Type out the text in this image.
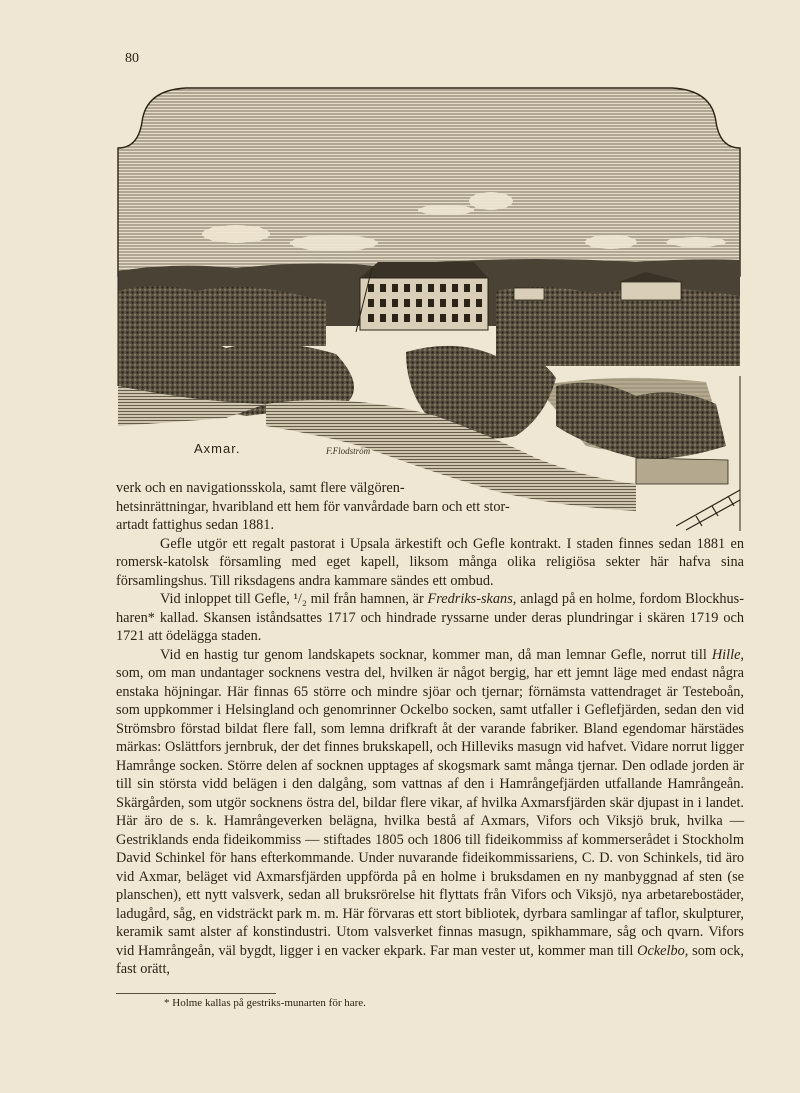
80
Axmar.	F.Flodström
verk och en navigationsskola, samt flere välgören-
hetsinrättningar, hvaribland ett hem för vanvårdade barn och ett stor-
artadt fattighus sedan 1881.
Gefle utgör ett regalt pastorat i Upsala ärkestift och Gefle kontrakt. I staden finnes sedan 1881 en romersk-katolsk församling med eget kapell, liksom många olika religiösa sekter här hafva sina församlingshus. Till riksdagens andra kammare sändes ett ombud.
Vid inloppet till Gefle, ¹/₂ mil från hamnen, är Fredriks-skans, anlagd på en holme, fordom Blockhus-haren* kallad. Skansen iståndsattes 1717 och hindrade ryssarne under deras plundringar i skären 1719 och 1721 att ödelägga staden.
Vid en hastig tur genom landskapets socknar, kommer man, då man lemnar Gefle, norrut till Hille, som, om man undantager socknens vestra del, hvilken är något bergig, har ett jemnt läge med endast några enstaka höjningar. Här finnas 65 större och mindre sjöar och tjernar; förnämsta vattendraget är Testeboån, som uppkommer i Helsingland och genomrinner Ockelbo socken, samt utfaller i Geflefjärden, sedan den vid Strömsbro förstad bildat flere fall, som lemna drifkraft åt der varande fabriker. Bland egendomar härstädes märkas: Oslättfors jernbruk, der det finnes brukskapell, och Hilleviks masugn vid hafvet. Vidare norrut ligger Hamrånge socken. Större delen af socknen upptages af skogsmark samt många tjernar. Den odlade jorden är till sin största vidd belägen i den dalgång, som vattnas af den i Hamrångefjärden utfallande Hamrångeån. Skärgården, som utgör socknens östra del, bildar flere vikar, af hvilka Axmarsfjärden skär djupast in i landet. Här äro de s. k. Hamrångeverken belägna, hvilka bestå af Axmars, Vifors och Viksjö bruk, hvilka — Gestriklands enda fideikommiss — stiftades 1805 och 1806 till fideikommiss af kommerserådet i Stockholm David Schinkel för hans efterkommande. Under nuvarande fideikommissariens, C. D. von Schinkels, tid äro vid Axmar, beläget vid Axmarsfjärden uppförda på en holme i bruksdamen en ny manbyggnad af sten (se planschen), ett nytt valsverk, sedan all bruksrörelse hit flyttats från Vifors och Viksjö, nya arbetarebostäder, ladugård, såg, en vidsträckt park m. m. Här förvaras ett stort bibliotek, dyrbara samlingar af taflor, skulpturer, keramik samt alster af konstindustri. Utom valsverket finnas masugn, spikhammare, såg och qvarn. Vifors vid Hamrångeån, väl bygdt, ligger i en vacker ekpark. Far man vester ut, kommer man till Ockelbo, som ock, fast orätt,
* Holme kallas på gestriks-munarten för hare.
